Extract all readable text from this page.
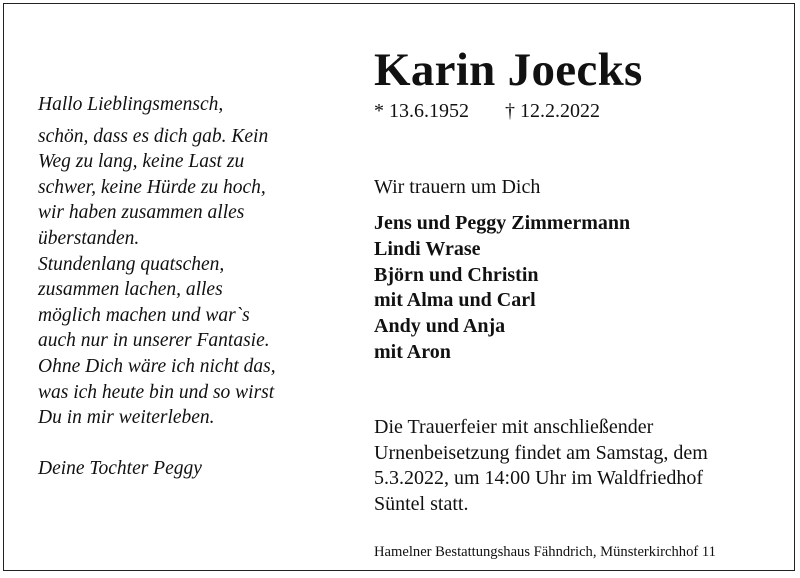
Hallo Lieblingsmensch,
schön, dass es dich gab. Kein
Weg zu lang, keine Last zu
schwer, keine Hürde zu hoch,
wir haben zusammen alles
überstanden.
Stundenlang quatschen,
zusammen lachen, alles
möglich machen und war`s
auch nur in unserer Fantasie.
Ohne Dich wäre ich nicht das,
was ich heute bin und so wirst
Du in mir weiterleben.
Deine Tochter Peggy
Karin Joecks
* 13.6.1952 † 12.2.2022
Wir trauern um Dich
Jens und Peggy Zimmermann
Lindi Wrase
Björn und Christin
mit Alma und Carl
Andy und Anja
mit Aron
Die Trauerfeier mit anschließender
Urnenbeisetzung findet am Samstag, dem
5.3.2022, um 14:00 Uhr im Waldfriedhof
Süntel statt.
Hamelner Bestattungshaus Fähndrich, Münsterkirchhof 11
